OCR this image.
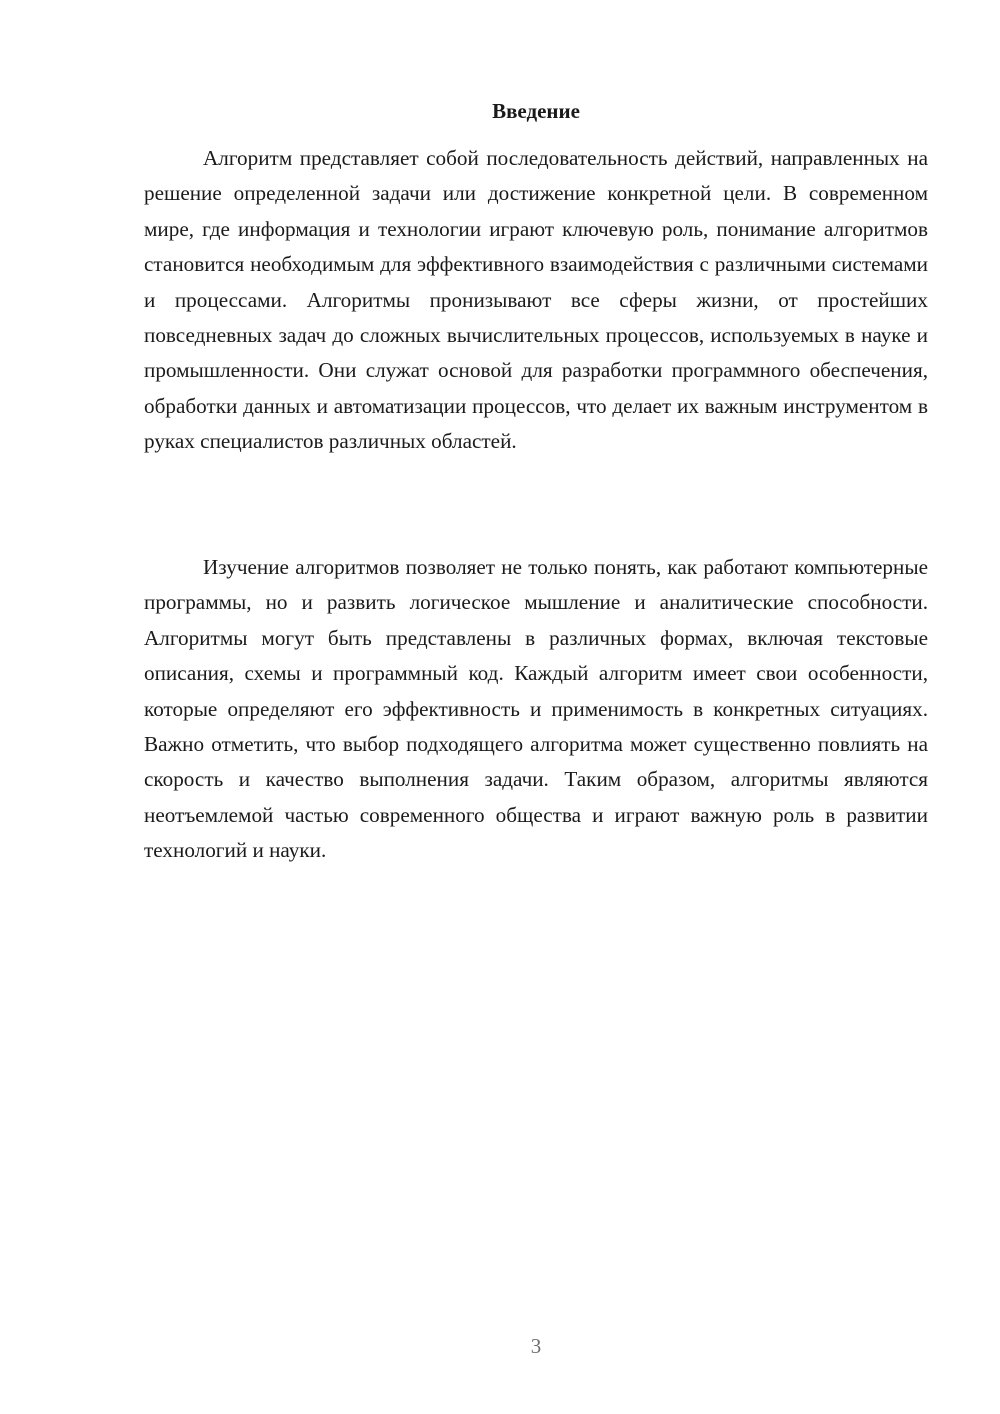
Введение

Алгоритм представляет собой последовательность действий, направленных на решение определенной задачи или достижение конкретной цели. В современном мире, где информация и технологии играют ключевую роль, понимание алгоритмов становится необходимым для эффективного взаимодействия с различными системами и процессами. Алгоритмы пронизывают все сферы жизни, от простейших повседневных задач до сложных вычислительных процессов, используемых в науке и промышленности. Они служат основой для разработки программного обеспечения, обработки данных и автоматизации процессов, что делает их важным инструментом в руках специалистов различных областей.

Изучение алгоритмов позволяет не только понять, как работают компьютерные программы, но и развить логическое мышление и аналитические способности. Алгоритмы могут быть представлены в различных формах, включая текстовые описания, схемы и программный код. Каждый алгоритм имеет свои особенности, которые определяют его эффективность и применимость в конкретных ситуациях. Важно отметить, что выбор подходящего алгоритма может существенно повлиять на скорость и качество выполнения задачи. Таким образом, алгоритмы являются неотъемлемой частью современного общества и играют важную роль в развитии технологий и науки.

3
